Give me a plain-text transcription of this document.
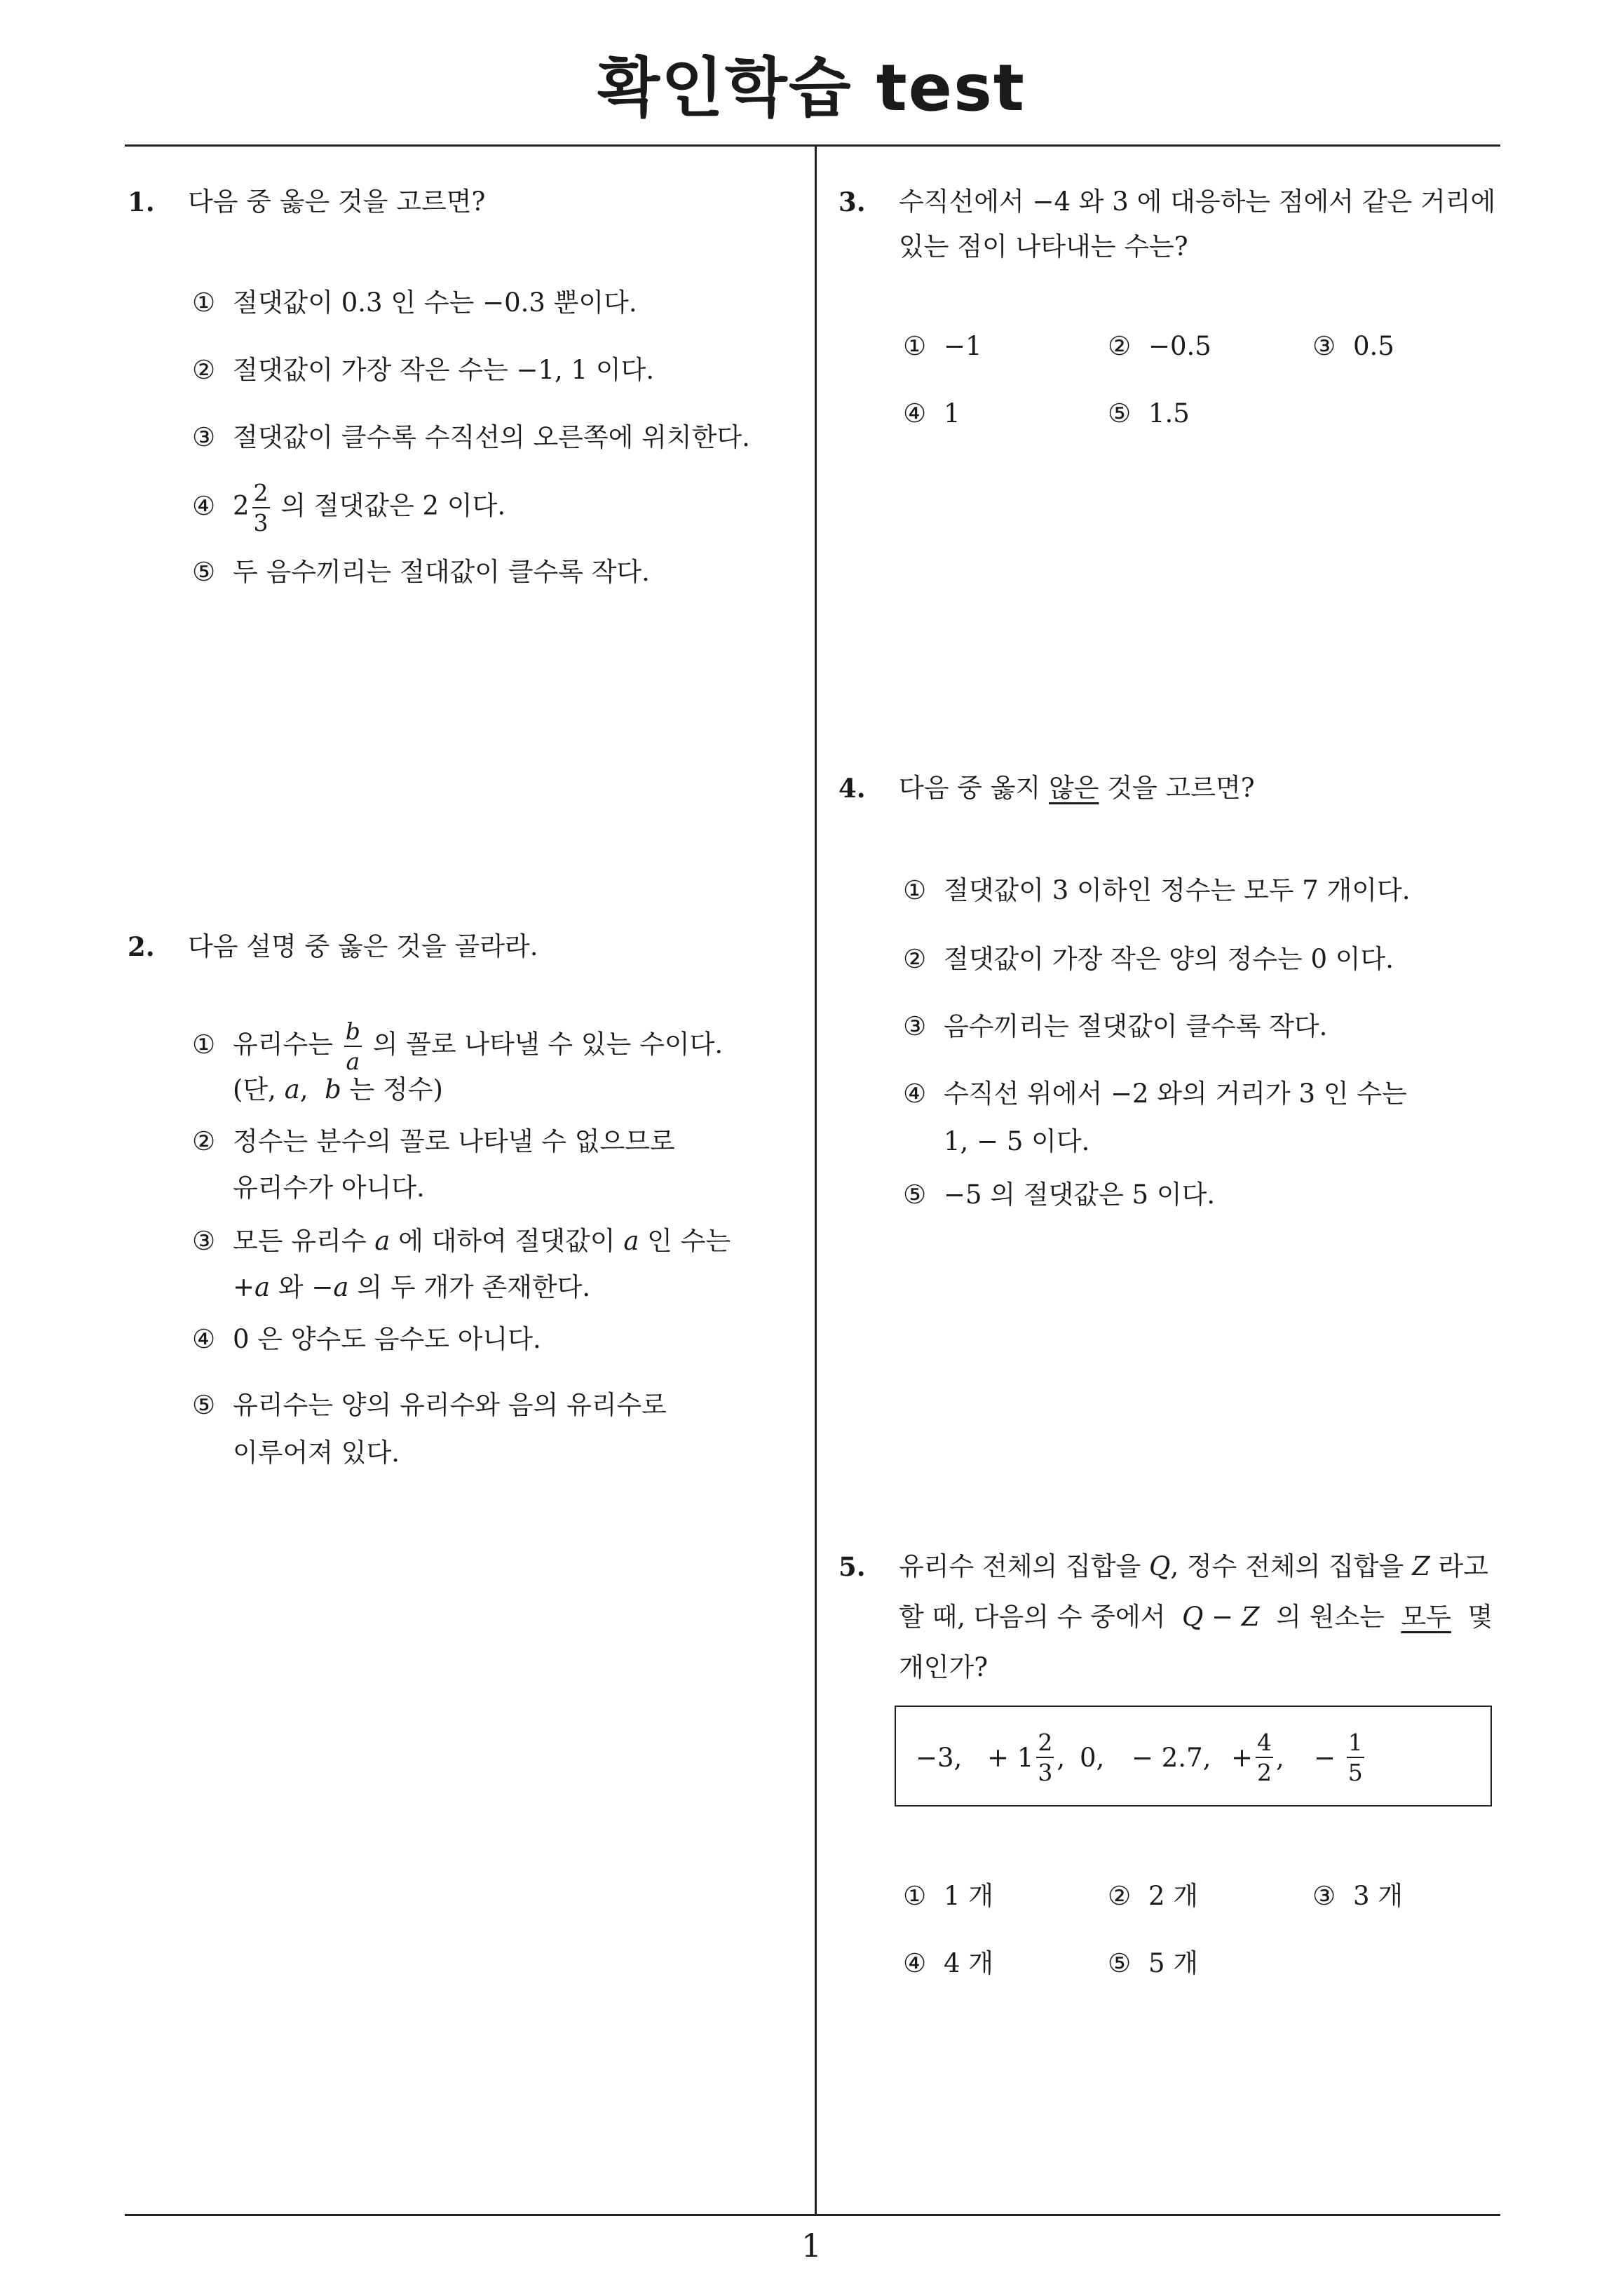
확인학습 test
1
1. 다음 중 옳은 것을 고르면?
① 절댓값이 0.3 인 수는 −0.3 뿐이다.
② 절댓값이 가장 작은 수는 −1, 1 이다.
③ 절댓값이 클수록 수직선의 오른쪽에 위치한다.
④ $2 \frac{2}{3}$ 의 절댓값은 2 이다.
⑤ 두 음수끼리는 절대값이 클수록 작다.
2. 다음 설명 중 옳은 것을 골라라.
① 유리수는 $\frac{b}{a}$ 의 꼴로 나타낼 수 있는 수이다.
(단, a,  b 는 정수)
② 정수는 분수의 꼴로 나타낼 수 없으므로
유리수가 아니다.
③ 모든 유리수 a 에 대하여 절댓값이 a 인 수는
+a 와 −a 의 두 개가 존재한다.
④ 0 은 양수도 음수도 아니다.
⑤ 유리수는 양의 유리수와 음의 유리수로
이루어져 있다.
3. 수직선에서 −4 와 3 에 대응하는 점에서 같은 거리에
있는 점이 나타내는 수는?
① −1	② −0.5	③ 0.5
④ 1	⑤ 1.5
4. 다음 중 옳지 않은 것을 고르면?
① 절댓값이 3 이하인 정수는 모두 7 개이다.
② 절댓값이 가장 작은 양의 정수는 0 이다.
③ 음수끼리는 절댓값이 클수록 작다.
④ 수직선 위에서 −2 와의 거리가 3 인 수는
1, − 5 이다.
⑤ −5 의 절댓값은 5 이다.
5. 유리수 전체의 집합을 Q, 정수 전체의 집합을 Z 라고
할 때, 다음의 수 중에서 Q − Z 의 원소는 모두 몇
개인가?
−3, + $1 \frac{2}{3}$ , 0, − 2.7, + $\frac{4}{2}$ , −
$\frac{1}{5}$
① 1 개	② 2 개	③ 3 개
④ 4 개	⑤ 5 개
